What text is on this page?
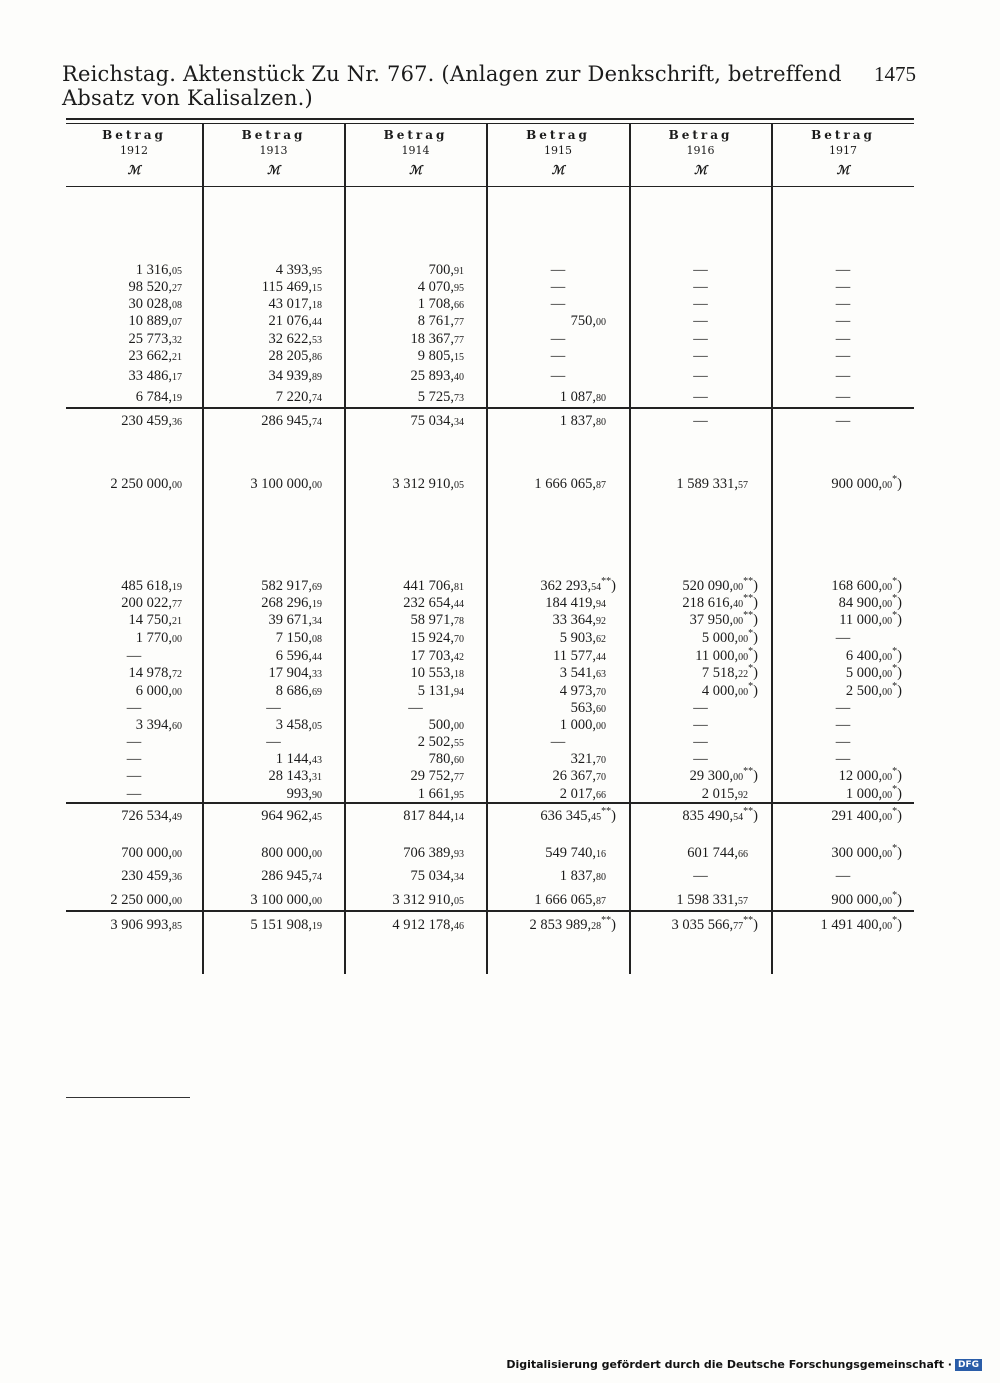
Reichstag. Aktenstück Zu Nr. 767. (Anlagen zur Denkschrift, betreffend Absatz von Kalisalzen.)
1475
Betrag
1912
ℳ
Betrag
1913
ℳ
Betrag
1914
ℳ
Betrag
1915
ℳ
Betrag
1916
ℳ
Betrag
1917
ℳ
1 316,05	4 393,95	700,91	—	—	—
98 520,27	115 469,15	4 070,95	—	—	—
30 028,08	43 017,18	1 708,66	—	—	—
10 889,07	21 076,44	8 761,77	750,00	—	—
25 773,32	32 622,53	18 367,77	—	—	—
23 662,21	28 205,86	9 805,15	—	—	—
33 486,17	34 939,89	25 893,40	—	—	—
6 784,19	7 220,74	5 725,73	1 087,80	—	—
230 459,36	286 945,74	75 034,34	1 837,80	—	—
2 250 000,00	3 100 000,00	3 312 910,05	1 666 065,87	1 589 331,57	900 000,00*)
485 618,19	582 917,69	441 706,81	362 293,54**)	520 090,00**)	168 600,00*)
200 022,77	268 296,19	232 654,44	184 419,94	218 616,40**)	84 900,00*)
14 750,21	39 671,34	58 971,78	33 364,92	37 950,00**)	11 000,00*)
1 770,00	7 150,08	15 924,70	5 903,62	5 000,00*)	—
—	6 596,44	17 703,42	11 577,44	11 000,00*)	6 400,00*)
14 978,72	17 904,33	10 553,18	3 541,63	7 518,22*)	5 000,00*)
6 000,00	8 686,69	5 131,94	4 973,70	4 000,00*)	2 500,00*)
—	—	—	563,60	—	—
3 394,60	3 458,05	500,00	1 000,00	—	—
—	—	2 502,55	—	—	—
—	1 144,43	780,60	321,70	—	—
—	28 143,31	29 752,77	26 367,70	29 300,00**)	12 000,00*)
—	993,90	1 661,95	2 017,66	2 015,92	1 000,00*)
726 534,49	964 962,45	817 844,14	636 345,45**)	835 490,54**)	291 400,00*)
700 000,00	800 000,00	706 389,93	549 740,16	601 744,66	300 000,00*)
230 459,36	286 945,74	75 034,34	1 837,80	—	—
2 250 000,00	3 100 000,00	3 312 910,05	1 666 065,87	1 598 331,57	900 000,00*)
3 906 993,85	5 151 908,19	4 912 178,46	2 853 989,28**)	3 035 566,77**)	1 491 400,00*)
Digitalisierung gefördert durch die Deutsche Forschungsgemeinschaft · DFG
